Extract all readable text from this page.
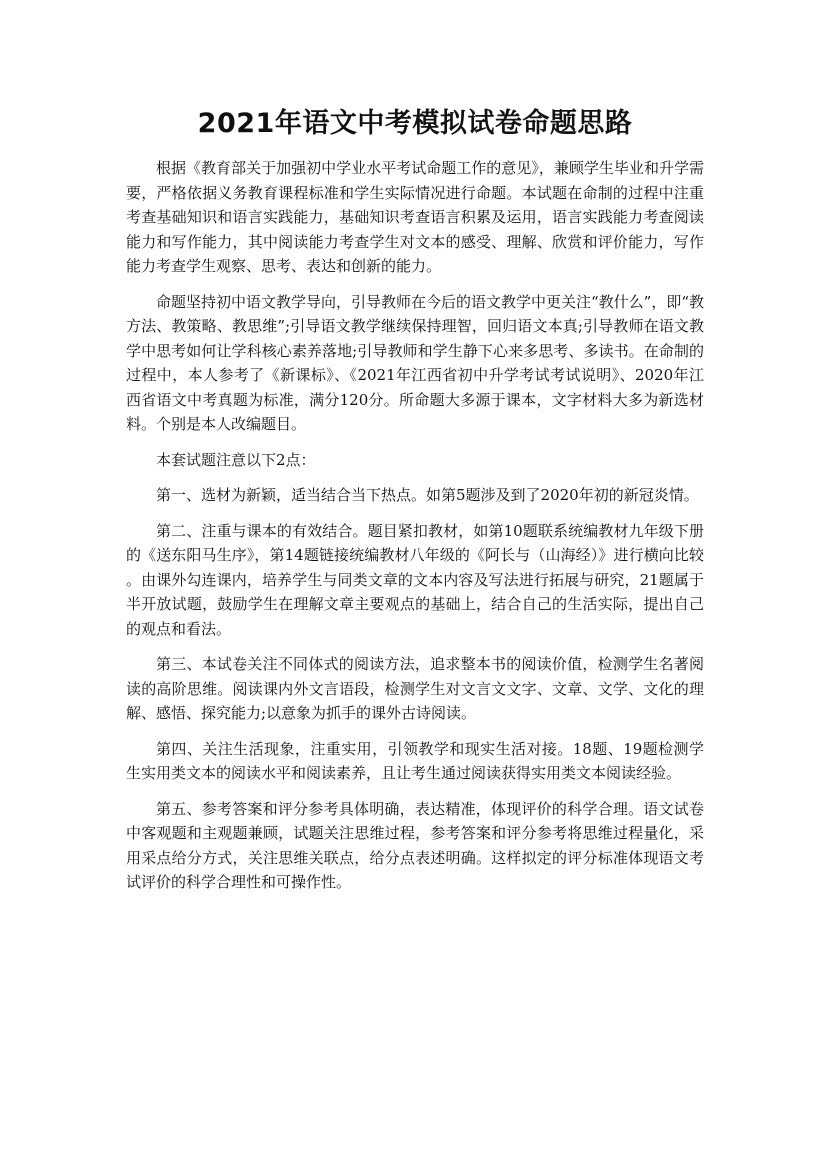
2021年语文中考模拟试卷命题思路

根据《教育部关于加强初中学业水平考试命题工作的意见》，兼顾学生毕业和升学需要，严格依据义务教育课程标准和学生实际情况进行命题。本试题在命制的过程中注重考查基础知识和语言实践能力，基础知识考查语言积累及运用，语言实践能力考查阅读能力和写作能力，其中阅读能力考查学生对文本的感受、理解、欣赏和评价能力，写作能力考查学生观察、思考、表达和创新的能力。

命题坚持初中语文教学导向，引导教师在今后的语文教学中更关注“教什么”，即“教方法、教策略、教思维”;引导语文教学继续保持理智，回归语文本真;引导教师在语文教学中思考如何让学科核心素养落地;引导教师和学生静下心来多思考、多读书。在命制的过程中，本人参考了《新课标》、《2021年江西省初中升学考试考试说明》、2020年江西省语文中考真题为标准，满分120分。所命题大多源于课本，文字材料大多为新选材料。个别是本人改编题目。

本套试题注意以下2点：

第一、选材为新颖，适当结合当下热点。如第5题涉及到了2020年初的新冠炎情。

第二、注重与课本的有效结合。题目紧扣教材，如第10题联系统编教材九年级下册的《送东阳马生序》，第14题链接统编教材八年级的《阿长与（山海经）》进行横向比较。由课外勾连课内，培养学生与同类文章的文本内容及写法进行拓展与研究，21题属于半开放试题，鼓励学生在理解文章主要观点的基础上，结合自己的生活实际，提出自己的观点和看法。

第三、本试卷关注不同体式的阅读方法，追求整本书的阅读价值，检测学生名著阅读的高阶思维。阅读课内外文言语段，检测学生对文言文文字、文章、文学、文化的理解、感悟、探究能力;以意象为抓手的课外古诗阅读。

第四、关注生活现象，注重实用，引领教学和现实生活对接。18题、19题检测学生实用类文本的阅读水平和阅读素养，且让考生通过阅读获得实用类文本阅读经验。

第五、参考答案和评分参考具体明确，表达精准，体现评价的科学合理。语文试卷中客观题和主观题兼顾，试题关注思维过程，参考答案和评分参考将思维过程量化，采用采点给分方式，关注思维关联点，给分点表述明确。这样拟定的评分标准体现语文考试评价的科学合理性和可操作性。
